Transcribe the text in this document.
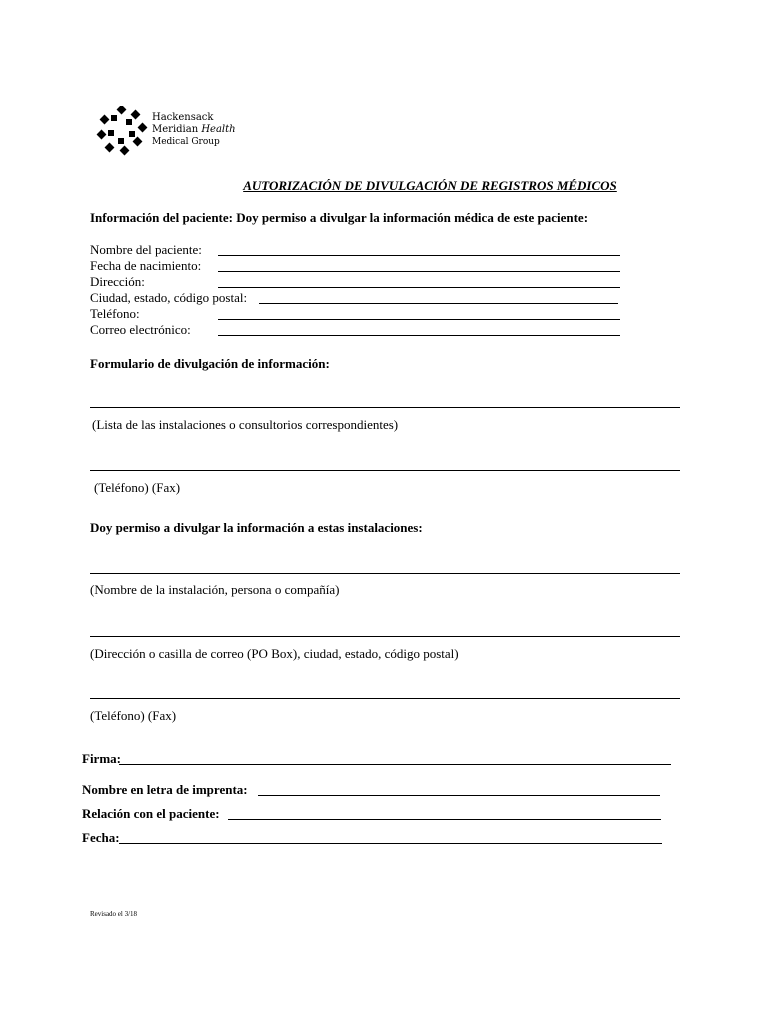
Hackensack
Meridian Health
Medical Group
AUTORIZACIÓN DE DIVULGACIÓN DE REGISTROS MÉDICOS
Información del paciente: Doy permiso a divulgar la información médica de este paciente:
Nombre del paciente:
Fecha de nacimiento:
Dirección:
Ciudad, estado, código postal:
Teléfono:
Correo electrónico:
Formulario de divulgación de información:
(Lista de las instalaciones o consultorios correspondientes)
(Teléfono) (Fax)
Doy permiso a divulgar la información a estas instalaciones:
(Nombre de la instalación, persona o compañía)
(Dirección o casilla de correo (PO Box), ciudad, estado, código postal)
(Teléfono) (Fax)
Firma:
Nombre en letra de imprenta:
Relación con el paciente:
Fecha:
Revisado el 3/18
